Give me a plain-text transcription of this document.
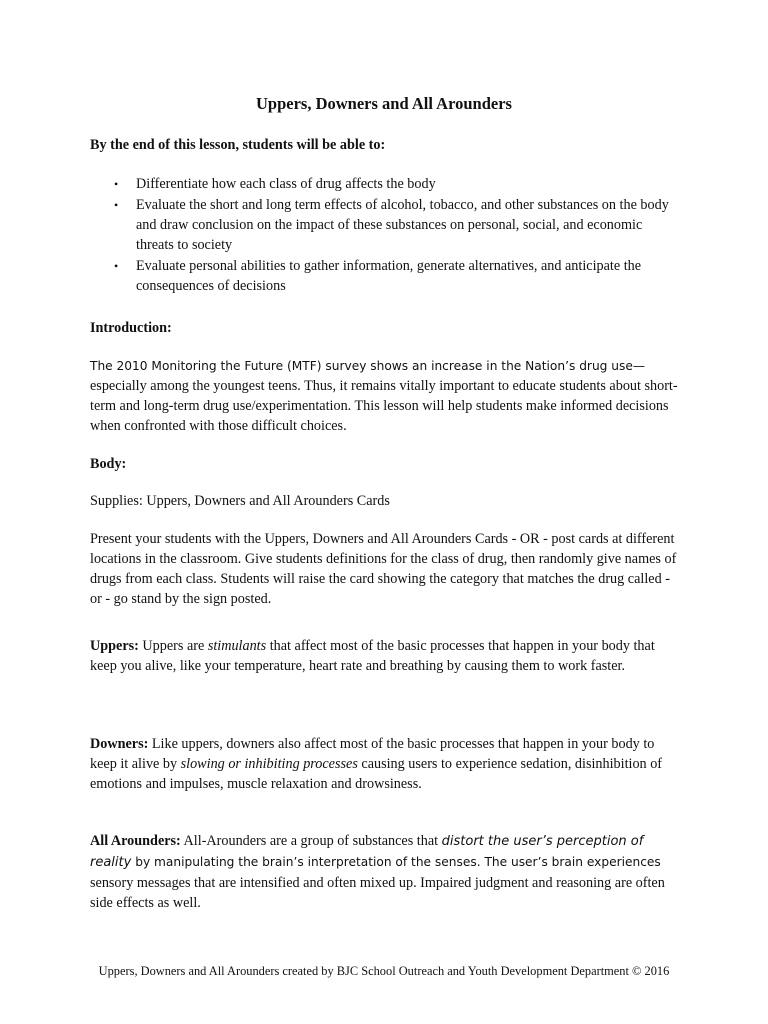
Uppers, Downers and All Arounders

By the end of this lesson, students will be able to:

• Differentiate how each class of drug affects the body
• Evaluate the short and long term effects of alcohol, tobacco, and other substances on the body and draw conclusion on the impact of these substances on personal, social, and economic threats to society
• Evaluate personal abilities to gather information, generate alternatives, and anticipate the consequences of decisions

Introduction:

The 2010 Monitoring the Future (MTF) survey shows an increase in the Nation’s drug use— especially among the youngest teens. Thus, it remains vitally important to educate students about short-term and long-term drug use/experimentation. This lesson will help students make informed decisions when confronted with those difficult choices.

Body:

Supplies: Uppers, Downers and All Arounders Cards

Present your students with the Uppers, Downers and All Arounders Cards - OR - post cards at different locations in the classroom. Give students definitions for the class of drug, then randomly give names of drugs from each class. Students will raise the card showing the category that matches the drug called - or - go stand by the sign posted.

Uppers: Uppers are stimulants that affect most of the basic processes that happen in your body that keep you alive, like your temperature, heart rate and breathing by causing them to work faster.

Downers: Like uppers, downers also affect most of the basic processes that happen in your body to keep it alive by slowing or inhibiting processes causing users to experience sedation, disinhibition of emotions and impulses, muscle relaxation and drowsiness.

All Arounders: All-Arounders are a group of substances that distort the user’s perception of reality by manipulating the brain’s interpretation of the senses. The user’s brain experiences sensory messages that are intensified and often mixed up. Impaired judgment and reasoning are often side effects as well.

Uppers, Downers and All Arounders created by BJC School Outreach and Youth Development Department © 2016
